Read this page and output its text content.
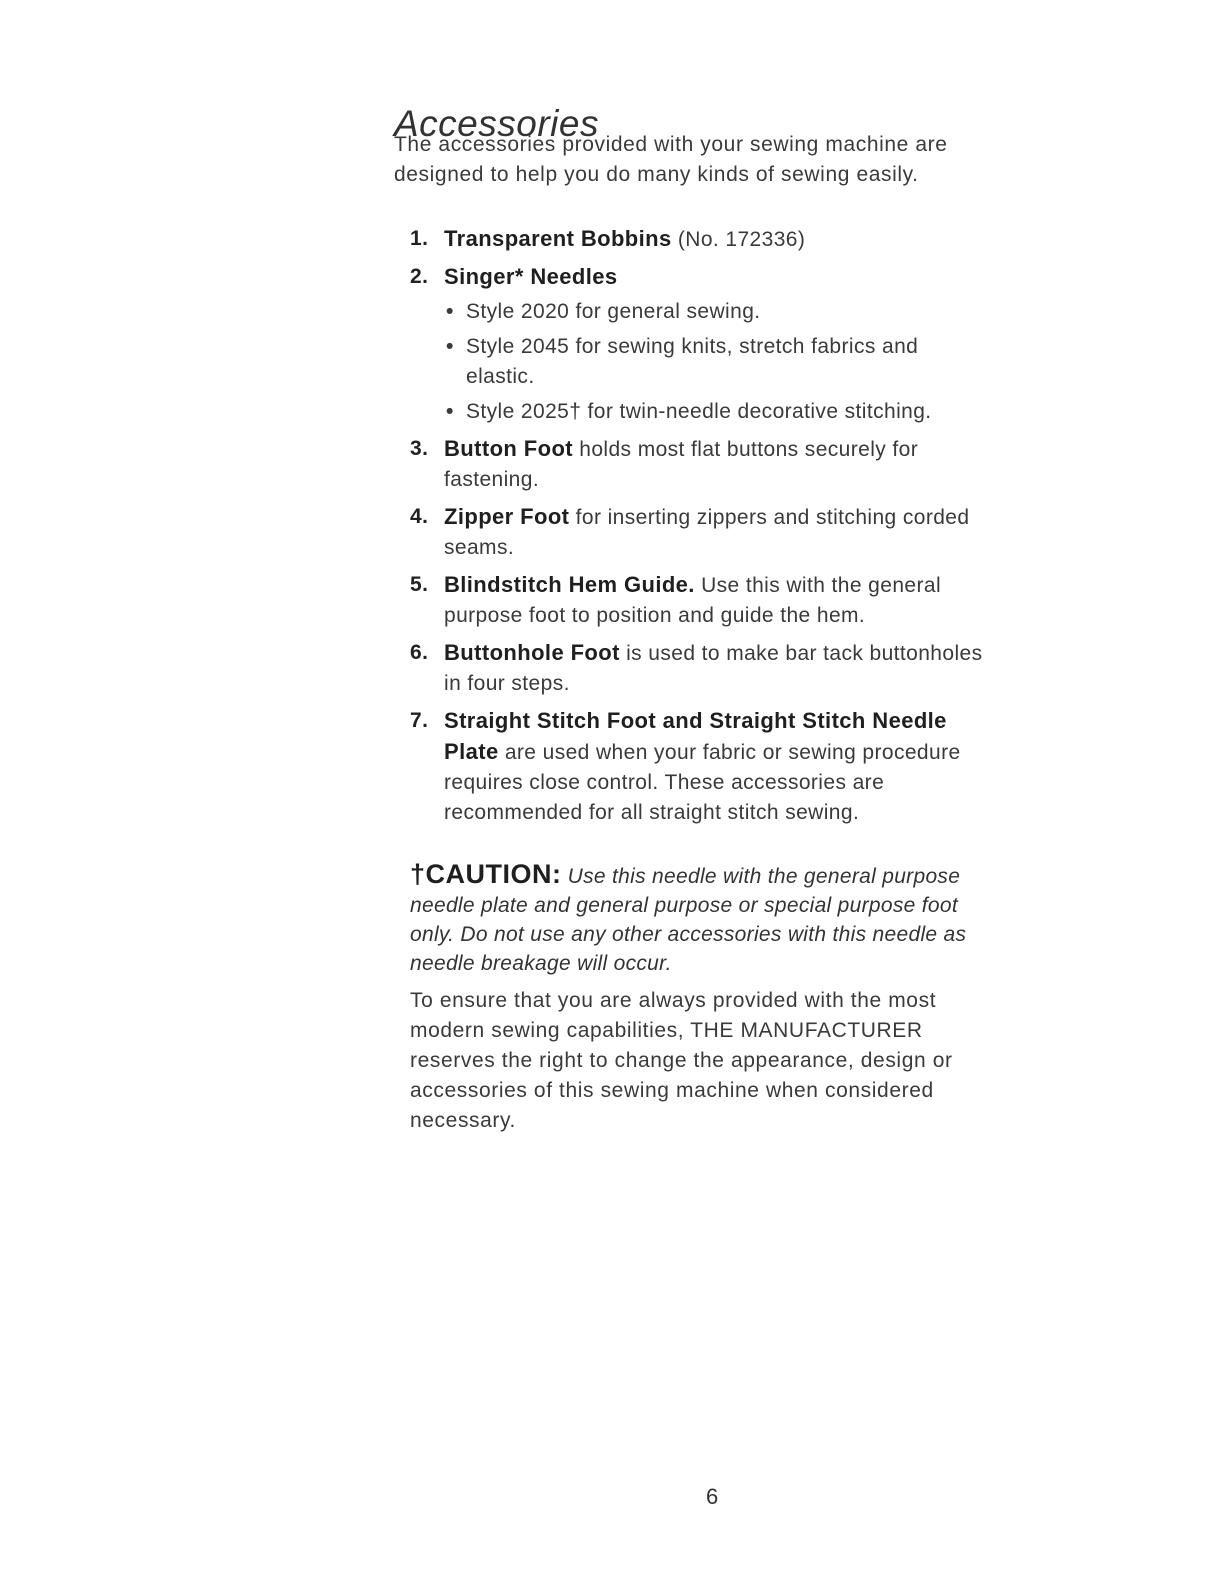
Accessories

The accessories provided with your sewing machine are designed to help you do many kinds of sewing easily.

1. Transparent Bobbins (No. 172336)
2. Singer* Needles
• Style 2020 for general sewing.
• Style 2045 for sewing knits, stretch fabrics and elastic.
• Style 2025† for twin-needle decorative stitching.
3. Button Foot holds most flat buttons securely for fastening.
4. Zipper Foot for inserting zippers and stitching corded seams.
5. Blindstitch Hem Guide. Use this with the general purpose foot to position and guide the hem.
6. Buttonhole Foot is used to make bar tack buttonholes in four steps.
7. Straight Stitch Foot and Straight Stitch Needle Plate are used when your fabric or sewing procedure requires close control. These accessories are recommended for all straight stitch sewing.

†CAUTION: Use this needle with the general purpose needle plate and general purpose or special purpose foot only. Do not use any other accessories with this needle as needle breakage will occur.

To ensure that you are always provided with the most modern sewing capabilities, THE MANUFACTURER reserves the right to change the appearance, design or accessories of this sewing machine when considered necessary.

6
